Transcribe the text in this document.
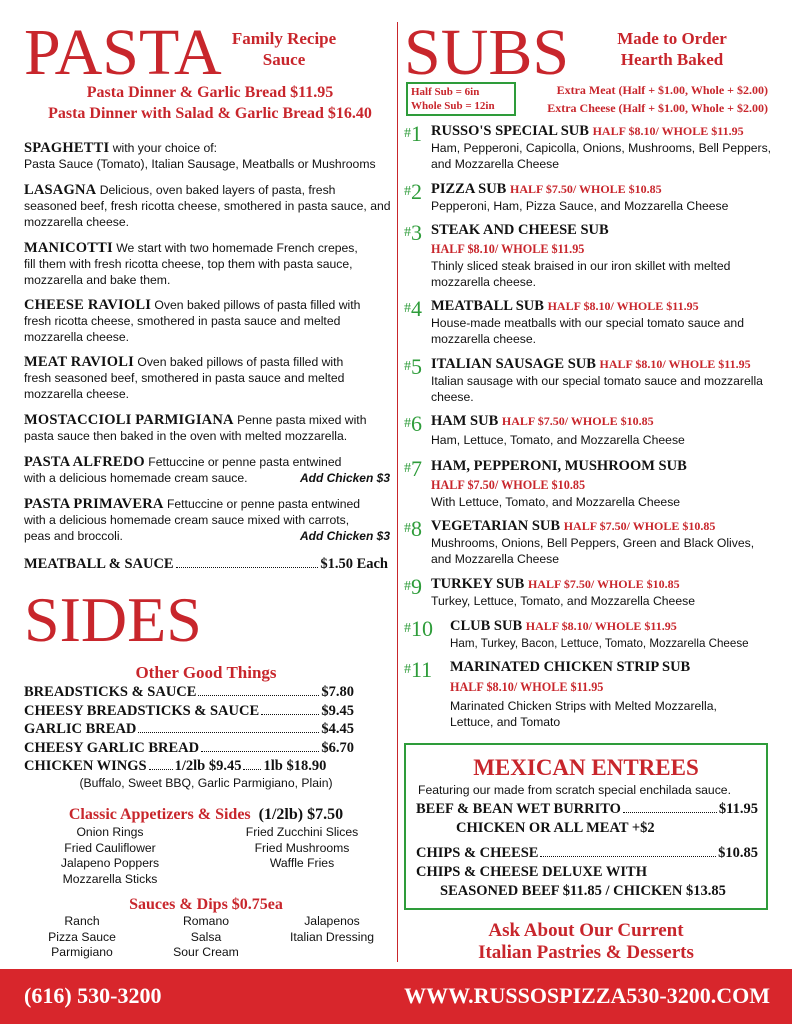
PASTA Family Recipe
Sauce
Pasta Dinner & Garlic Bread $11.95
Pasta Dinner with Salad & Garlic Bread $16.40
SPAGHETTI with your choice of:
Pasta Sauce (Tomato), Italian Sausage, Meatballs or Mushrooms
LASAGNA Delicious, oven baked layers of pasta, fresh
seasoned beef, fresh ricotta cheese, smothered in pasta sauce, and mozzarella cheese.
MANICOTTI We start with two homemade French crepes,
fill them with fresh ricotta cheese, top them with pasta sauce, mozzarella and bake them.
CHEESE RAVIOLI Oven baked pillows of pasta filled with
fresh ricotta cheese, smothered in pasta sauce and melted mozzarella cheese.
MEAT RAVIOLI Oven baked pillows of pasta filled with
fresh seasoned beef, smothered in pasta sauce and melted mozzarella cheese.
MOSTACCIOLI PARMIGIANA Penne pasta mixed with
pasta sauce then baked in the oven with melted mozzarella.
PASTA ALFREDO Fettuccine or penne pasta entwined
with a delicious homemade cream sauce.	Add Chicken $3
PASTA PRIMAVERA Fettuccine or penne pasta entwined
with a delicious homemade cream sauce mixed with carrots,
peas and broccoli.	Add Chicken $3
MEATBALL & SAUCE	$1.50 Each
SIDES
Other Good Things
BREADSTICKS & SAUCE	$7.80
CHEESY BREADSTICKS & SAUCE	$9.45
GARLIC BREAD	$4.45
CHEESY GARLIC BREAD	$6.70
CHICKEN WINGS 1/2lb $9.45 1lb $18.90
(Buffalo, Sweet BBQ, Garlic Parmigiano, Plain)
Classic Appetizers & Sides (1/2lb) $7.50
Onion Rings
Fried Cauliflower
Jalapeno Poppers
Mozzarella Sticks
Fried Zucchini Slices
Fried Mushrooms
Waffle Fries
Sauces & Dips $0.75ea
Ranch
Pizza Sauce
Parmigiano
Romano
Salsa
Sour Cream
Jalapenos
Italian Dressing
SUBS	Made to Order
Hearth Baked
Half Sub = 6in
Whole Sub = 12in
Extra Meat (Half + $1.00, Whole + $2.00)
Extra Cheese (Half + $1.00, Whole + $2.00)
#1 RUSSO'S SPECIAL SUB HALF $8.10/ WHOLE $11.95
Ham, Pepperoni, Capicolla, Onions, Mushrooms, Bell Peppers, and Mozzarella Cheese
#2 PIZZA SUB HALF $7.50/ WHOLE $10.85
Pepperoni, Ham, Pizza Sauce, and Mozzarella Cheese
#3 STEAK AND CHEESE SUB
HALF $8.10/ WHOLE $11.95
Thinly sliced steak braised in our iron skillet with melted mozzarella cheese.
#4 MEATBALL SUB HALF $8.10/ WHOLE $11.95
House-made meatballs with our special tomato sauce and mozzarella cheese.
#5 ITALIAN SAUSAGE SUB HALF $8.10/ WHOLE $11.95
Italian sausage with our special tomato sauce and mozzarella cheese.
#6 HAM SUB HALF $7.50/ WHOLE $10.85
Ham, Lettuce, Tomato, and Mozzarella Cheese
#7 HAM, PEPPERONI, MUSHROOM SUB
HALF $7.50/ WHOLE $10.85
With Lettuce, Tomato, and Mozzarella Cheese
#8 VEGETARIAN SUB HALF $7.50/ WHOLE $10.85
Mushrooms, Onions, Bell Peppers, Green and Black Olives, and Mozzarella Cheese
#9 TURKEY SUB HALF $7.50/ WHOLE $10.85
Turkey, Lettuce, Tomato, and Mozzarella Cheese
#10 CLUB SUB HALF $8.10/ WHOLE $11.95
Ham, Turkey, Bacon, Lettuce, Tomato, Mozzarella Cheese
#11 MARINATED CHICKEN STRIP SUB
HALF $8.10/ WHOLE $11.95
Marinated Chicken Strips with Melted Mozzarella, Lettuce, and Tomato
MEXICAN ENTREES
Featuring our made from scratch special enchilada sauce.
BEEF & BEAN WET BURRITO	$11.95
CHICKEN OR ALL MEAT +$2
CHIPS & CHEESE	$10.85
CHIPS & CHEESE DELUXE WITH
SEASONED BEEF $11.85 / CHICKEN $13.85
Ask About Our Current
Italian Pastries & Desserts
(616) 530-3200	WWW.RUSSOSPIZZA530-3200.COM
